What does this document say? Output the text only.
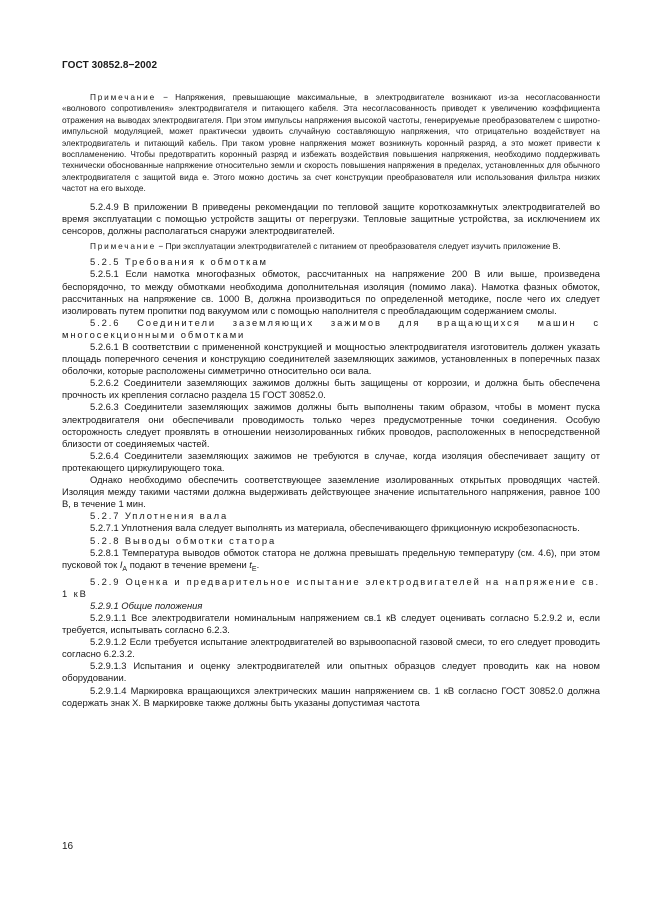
ГОСТ 30852.8−2002

Примечание − Напряжения, превышающие максимальные, в электродвигателе возникают из-за несогласованности «волнового сопротивления» электродвигателя и питающего кабеля. Эта несогласованность приводет к увеличению коэффициента отражения на выводах электродвигателя. При этом импульсы напряжения высокой частоты, генерируемые преобразователем с широтно-импульсной модуляцией, может практически удвоить случайную составляющую напряжения, что отрицательно воздействует на электродвигатель и питающий кабель. При таком уровне напряжения может возникнуть коронный разряд, а это может привести к воспламенению. Чтобы предотвратить коронный разряд и избежать воздействия повышения напряжения, необходимо поддерживать технически обоснованные напряжение относительно земли и скорость повышения напряжения в пределах, установленных для обычного электродвигателя с защитой вида е. Этого можно достичь за счет конструкции преобразователя или использования фильтра низких частот на его выходе.

5.2.4.9 В приложении В приведены рекомендации по тепловой защите короткозамкнутых электродвигателей во время эксплуатации с помощью устройств защиты от перегрузки. Тепловые защитные устройства, за исключением их сенсоров, должны располагаться снаружи электродвигателей.

Примечание − При эксплуатации электродвигателей с питанием от преобразователя следует изучить приложение В.

5.2.5 Требования к обмоткам

5.2.5.1 Если намотка многофазных обмоток, рассчитанных на напряжение 200 В или выше, произведена беспорядочно, то между обмотками необходима дополнительная изоляция (помимо лака). Намотка фазных обмоток, рассчитанных на напряжение св. 1000 В, должна производиться по определенной методике, после чего их следует изолировать путем пропитки под вакуумом или с помощью наполнителя с преобладающим содержанием смолы.

5.2.6 Соединители заземляющих зажимов для вращающихся машин с многосекционными обмотками

5.2.6.1 В соответствии с примененной конструкцией и мощностью электродвигателя изготовитель должен указать площадь поперечного сечения и конструкцию соединителей заземляющих зажимов, установленных в поперечных пазах оболочки, которые расположены симметрично относительно оси вала.

5.2.6.2 Соединители заземляющих зажимов должны быть защищены от коррозии, и должна быть обеспечена прочность их крепления согласно раздела 15 ГОСТ 30852.0.

5.2.6.3 Соединители заземляющих зажимов должны быть выполнены таким образом, чтобы в момент пуска электродвигателя они обеспечивали проводимость только через предусмотренные точки соединения. Особую осторожность следует проявлять в отношении неизолированных гибких проводов, расположенных в непосредственной близости от соединяемых частей.

5.2.6.4 Соединители заземляющих зажимов не требуются в случае, когда изоляция обеспечивает защиту от протекающего циркулирующего тока.

Однако необходимо обеспечить соответствующее заземление изолированных открытых проводящих частей. Изоляция между такими частями должна выдерживать действующее значение испытательного напряжения, равное 100 В, в течение 1 мин.

5.2.7 Уплотнения вала

5.2.7.1 Уплотнения вала следует выполнять из материала, обеспечивающего фрикционную искробезопасность.

5.2.8 Выводы обмотки статора

5.2.8.1 Температура выводов обмоток статора не должна превышать предельную температуру (см. 4.6), при этом пусковой ток $I_А$ подают в течение времени $t_Е$.

5.2.9 Оценка и предварительное испытание электродвигателей на напряжение св. 1 кВ

5.2.9.1 Общие положения

5.2.9.1.1 Все электродвигатели номинальным напряжением св.1 кВ следует оценивать согласно 5.2.9.2 и, если требуется, испытывать согласно 6.2.3.

5.2.9.1.2 Если требуется испытание электродвигателей во взрывоопасной газовой смеси, то его следует проводить согласно 6.2.3.2.

5.2.9.1.3 Испытания и оценку электродвигателей или опытных образцов следует проводить как на новом оборудовании.

5.2.9.1.4 Маркировка вращающихся электрических машин напряжением св. 1 кВ согласно ГОСТ 30852.0 должна содержать знак Х. В маркировке также должны быть указаны допустимая частота

16
